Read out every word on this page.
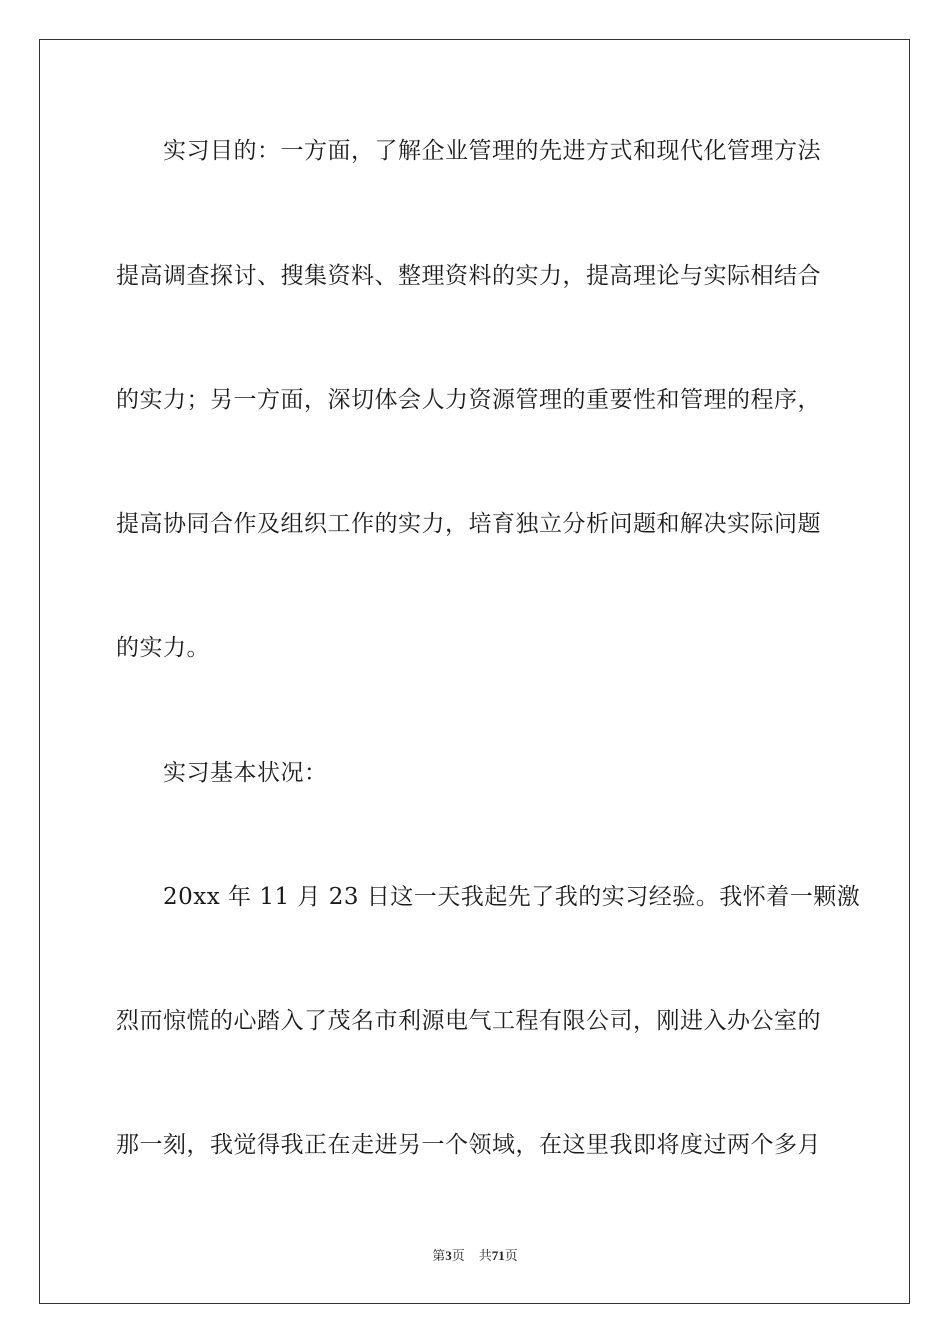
实习目的：一方面，了解企业管理的先进方式和现代化管理方法
提高调查探讨、搜集资料、整理资料的实力，提高理论与实际相结合
的实力；另一方面，深切体会人力资源管理的重要性和管理的程序，
提高协同合作及组织工作的实力，培育独立分析问题和解决实际问题
的实力。
实习基本状况：
20xx 年 11 月 23 日这一天我起先了我的实习经验。我怀着一颗激
烈而惊慌的心踏入了茂名市利源电气工程有限公司，刚进入办公室的
那一刻，我觉得我正在走进另一个领域，在这里我即将度过两个多月
第3页 共71页
